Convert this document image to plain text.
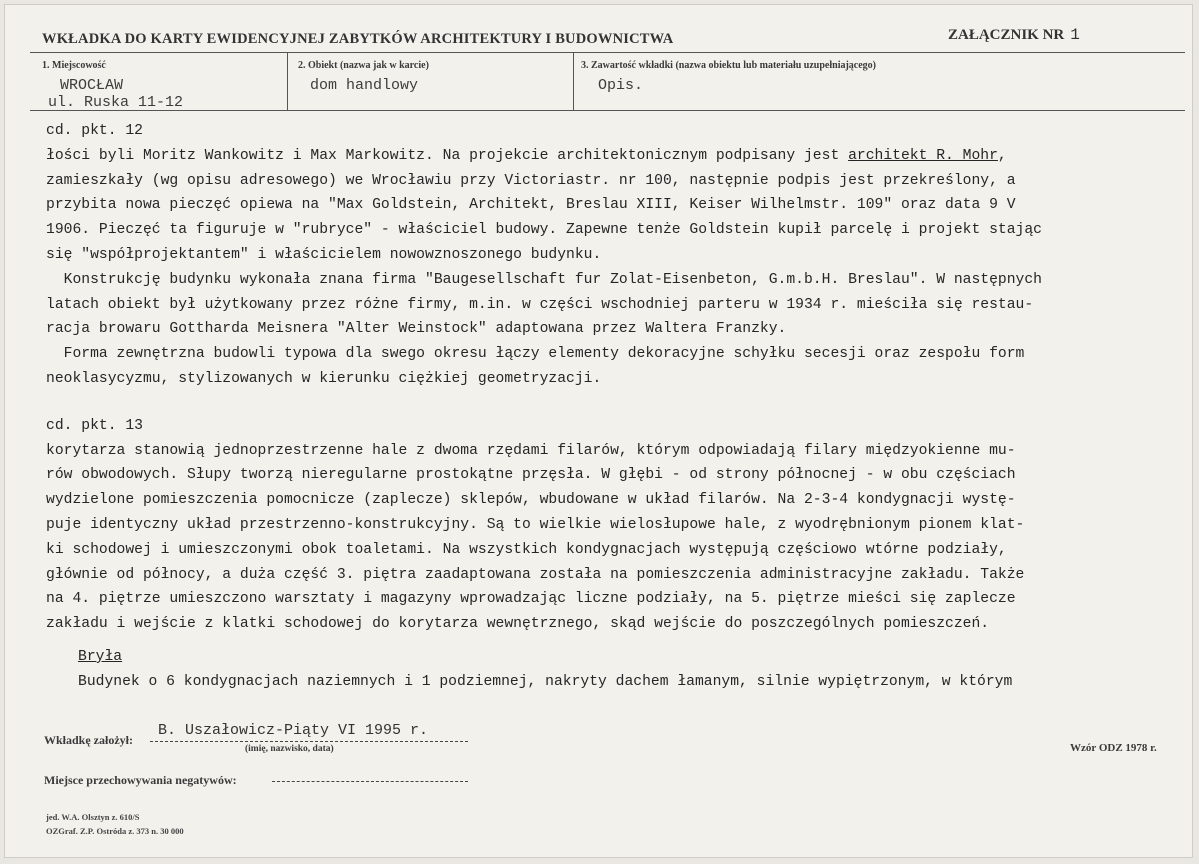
WKŁADKA DO KARTY EWIDENCYJNEJ ZABYTKÓW ARCHITEKTURY I BUDOWNICTWA	ZAŁĄCZNIK NR 1
1. Miejscowość
WROCŁAW
ul. Ruska 11-12
2. Obiekt (nazwa jak w karcie)
dom handlowy
3. Zawartość wkładki (nazwa obiektu lub materiału uzupełniającego)
Opis.
cd. pkt. 12
łości byli Moritz Wankowitz i Max Markowitz. Na projekcie architektonicznym podpisany jest architekt R. Mohr,
zamieszkały (wg opisu adresowego) we Wrocławiu przy Victoriastr. nr 100, następnie podpis jest przekreślony, a
przybita nowa pieczęć opiewa na "Max Goldstein, Architekt, Breslau XIII, Keiser Wilhelmstr. 109" oraz data 9 V
1906. Pieczęć ta figuruje w "rubryce" - właściciel budowy. Zapewne tenże Goldstein kupił parcelę i projekt stając
się "współprojektantem" i właścicielem nowowznoszonego budynku.
Konstrukcję budynku wykonała znana firma "Baugesellschaft fur Zolat-Eisenbeton, G.m.b.H. Breslau". W następnych
latach obiekt był użytkowany przez różne firmy, m.in. w części wschodniej parteru w 1934 r. mieściła się restau-
racja browaru Gottharda Meisnera "Alter Weinstock" adaptowana przez Waltera Franzky.
Forma zewnętrzna budowli typowa dla swego okresu łączy elementy dekoracyjne schyłku secesji oraz zespołu form
neoklasycyzmu, stylizowanych w kierunku ciężkiej geometryzacji.
cd. pkt. 13
korytarza stanowią jednoprzestrzenne hale z dwoma rzędami filarów, którym odpowiadają filary międzyokienne mu-
rów obwodowych. Słupy tworzą nieregularne prostokątne przęsła. W głębi - od strony północnej - w obu częściach
wydzielone pomieszczenia pomocnicze (zaplecze) sklepów, wbudowane w układ filarów. Na 2-3-4 kondygnacji wystę-
puje identyczny układ przestrzenno-konstrukcyjny. Są to wielkie wielosłupowe hale, z wyodrębnionym pionem klat-
ki schodowej i umieszczonymi obok toaletami. Na wszystkich kondygnacjach występują częściowo wtórne podziały,
głównie od północy, a duża część 3. piętra zaadaptowana została na pomieszczenia administracyjne zakładu. Także
na 4. piętrze umieszczono warsztaty i magazyny wprowadzając liczne podziały, na 5. piętrze mieści się zaplecze
zakładu i wejście z klatki schodowej do korytarza wewnętrznego, skąd wejście do poszczególnych pomieszczeń.
Bryła
Budynek o 6 kondygnacjach naziemnych i 1 podziemnej, nakryty dachem łamanym, silnie wypiętrzonym, w którym
Wkładkę założył:
B. Uszałowicz-Piąty VI 1995 r.
(imię, nazwisko, data)	Wzór ODZ 1978 r.
Miejsce przechowywania negatywów:
jed. W.A. Olsztyn z. 610/S
OZGraf. Z.P. Ostróda z. 373 n. 30 000
